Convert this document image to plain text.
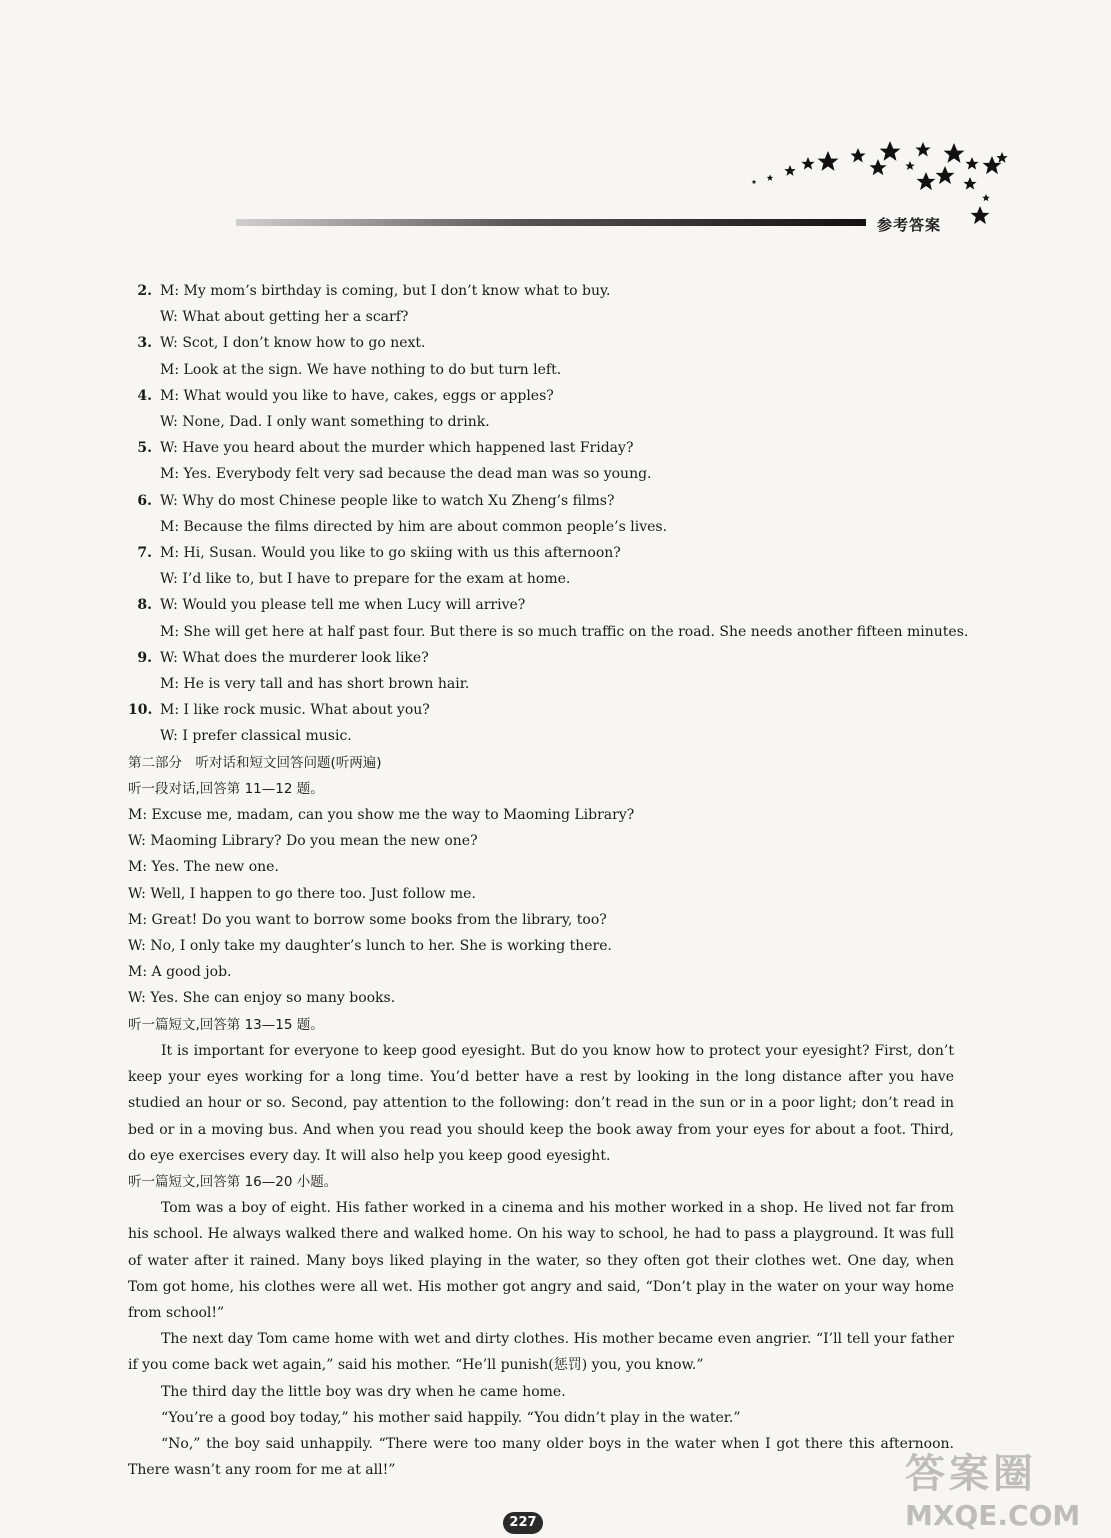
参考答案
2. M: My mom’s birthday is coming, but I don’t know what to buy.
W: What about getting her a scarf?
3. W: Scot, I don’t know how to go next.
M: Look at the sign. We have nothing to do but turn left.
4. M: What would you like to have, cakes, eggs or apples?
W: None, Dad. I only want something to drink.
5. W: Have you heard about the murder which happened last Friday?
M: Yes. Everybody felt very sad because the dead man was so young.
6. W: Why do most Chinese people like to watch Xu Zheng’s films?
M: Because the films directed by him are about common people’s lives.
7. M: Hi, Susan. Would you like to go skiing with us this afternoon?
W: I’d like to, but I have to prepare for the exam at home.
8. W: Would you please tell me when Lucy will arrive?
M: She will get here at half past four. But there is so much traffic on the road. She needs another fifteen minutes.
9. W: What does the murderer look like?
M: He is very tall and has short brown hair.
10. M: I like rock music. What about you?
W: I prefer classical music.
第二部分　听对话和短文回答问题(听两遍)
听一段对话,回答第 11—12 题。
M: Excuse me, madam, can you show me the way to Maoming Library?
W: Maoming Library? Do you mean the new one?
M: Yes. The new one.
W: Well, I happen to go there too. Just follow me.
M: Great! Do you want to borrow some books from the library, too?
W: No, I only take my daughter’s lunch to her. She is working there.
M: A good job.
W: Yes. She can enjoy so many books.
听一篇短文,回答第 13—15 题。
It is important for everyone to keep good eyesight. But do you know how to protect your eyesight? First, don’t keep your eyes working for a long time. You’d better have a rest by looking in the long distance after you have studied an hour or so. Second, pay attention to the following: don’t read in the sun or in a poor light; don’t read in bed or in a moving bus. And when you read you should keep the book away from your eyes for about a foot. Third, do eye exercises every day. It will also help you keep good eyesight.
听一篇短文,回答第 16—20 小题。
Tom was a boy of eight. His father worked in a cinema and his mother worked in a shop. He lived not far from his school. He always walked there and walked home. On his way to school, he had to pass a playground. It was full of water after it rained. Many boys liked playing in the water, so they often got their clothes wet. One day, when Tom got home, his clothes were all wet. His mother got angry and said, “Don’t play in the water on your way home from school!”
The next day Tom came home with wet and dirty clothes. His mother became even angrier. “I’ll tell your father if you come back wet again,” said his mother. “He’ll punish(惩罚) you, you know.”
The third day the little boy was dry when he came home.
“You’re a good boy today,” his mother said happily. “You didn’t play in the water.”
“No,” the boy said unhappily. “There were too many older boys in the water when I got there this afternoon. There wasn’t any room for me at all!”
227
答案圈
MXQE.COM
